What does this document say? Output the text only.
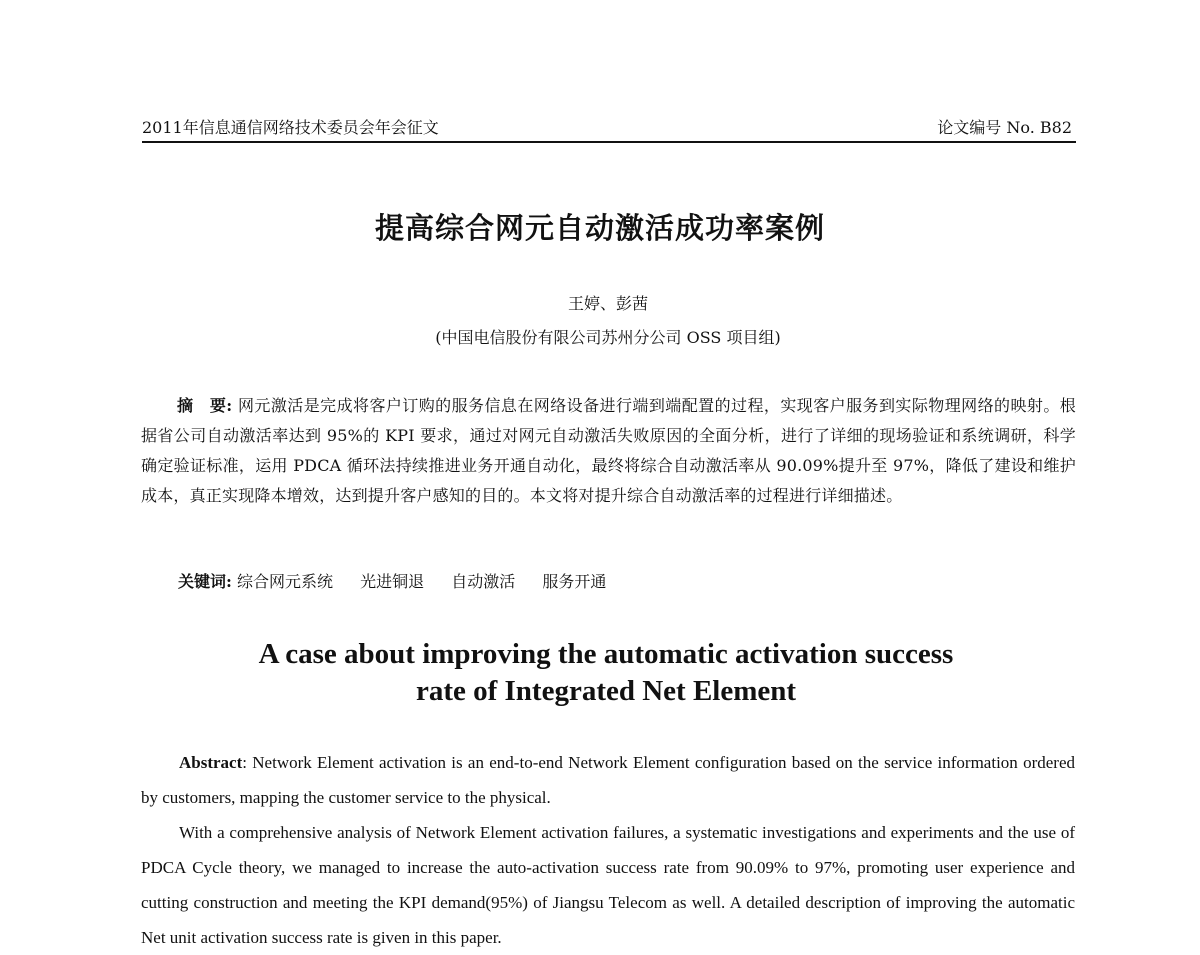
2011年信息通信网络技术委员会年会征文	论文编号 No. B82
提高综合网元自动激活成功率案例
王婷、彭茜
(中国电信股份有限公司苏州分公司 OSS 项目组)
摘　要: 网元激活是完成将客户订购的服务信息在网络设备进行端到端配置的过程，实现客户服务到实际物理网络的映射。根据省公司自动激活率达到 95%的 KPI 要求，通过对网元自动激活失败原因的全面分析，进行了详细的现场验证和系统调研，科学确定验证标准，运用 PDCA 循环法持续推进业务开通自动化，最终将综合自动激活率从 90.09%提升至 97%，降低了建设和维护成本，真正实现降本增效，达到提升客户感知的目的。本文将对提升综合自动激活率的过程进行详细描述。
关键词: 综合网元系统 光进铜退 自动激活 服务开通
A case about improving the automatic activation success
rate of Integrated Net Element

Abstract: Network Element activation is an end-to-end Network Element configuration based on the service information ordered by customers, mapping the customer service to the physical.

With a comprehensive analysis of Network Element activation failures, a systematic investigations and experiments and the use of PDCA Cycle theory, we managed to increase the auto-activation success rate from 90.09% to 97%, promoting user experience and cutting construction and meeting the KPI demand(95%) of Jiangsu Telecom as well. A detailed description of improving the automatic Net unit activation success rate is given in this paper.
